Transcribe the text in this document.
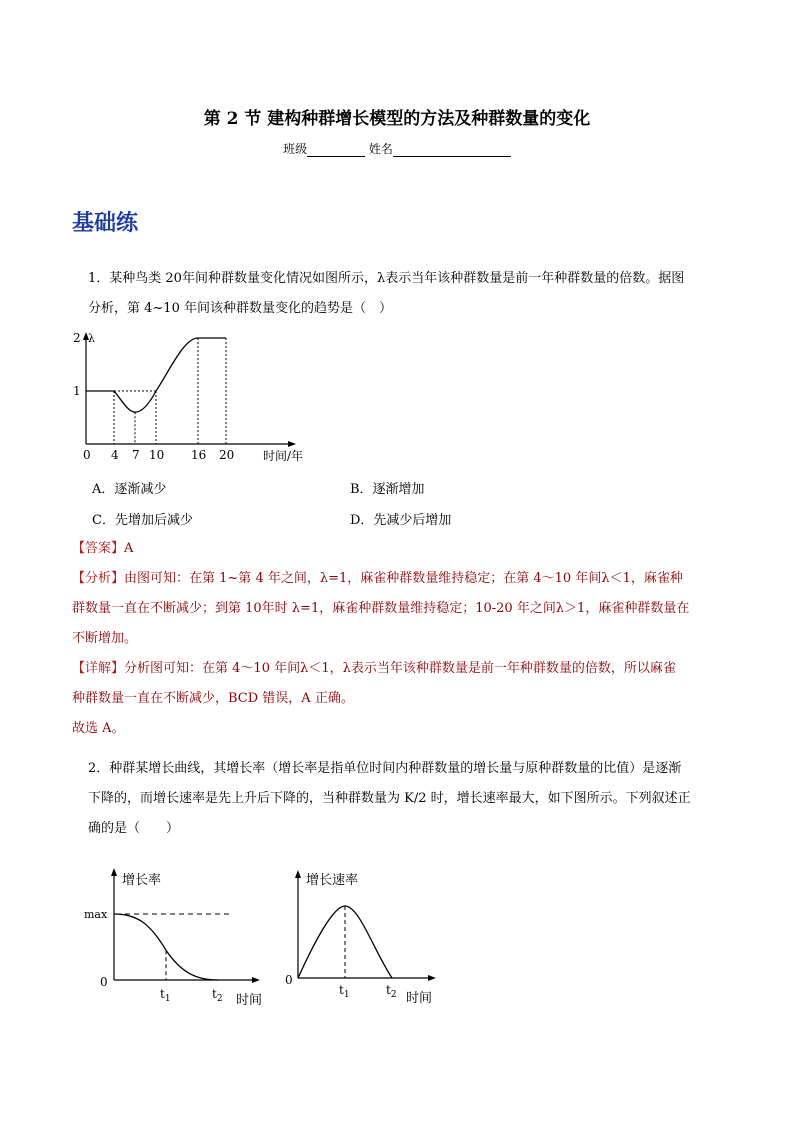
第 2 节 建构种群增长模型的方法及种群数量的变化
班级	姓名
基础练
1．某种鸟类 20年间种群数量变化情况如图所示，λ表示当年该种群数量是前一年种群数量的倍数。据图
分析，第 4~10 年间该种群数量变化的趋势是（　）
λ
0 4 7 10 16 20
1
2
时间/年
A．逐渐减少	B．逐渐增加
C．先增加后减少	D．先减少后增加
【答案】A
【分析】由图可知：在第 1~第 4 年之间，λ=1，麻雀种群数量维持稳定；在第 4～10 年间λ＜1，麻雀种
群数量一直在不断减少；到第 10年时 λ=1，麻雀种群数量维持稳定；10-20 年之间λ＞1，麻雀种群数量在
不断增加。
【详解】分析图可知：在第 4～10 年间λ＜1，λ表示当年该种群数量是前一年种群数量的倍数，所以麻雀
种群数量一直在不断减少，BCD 错误，A 正确。
故选 A。
2．种群某增长曲线，其增长率（增长率是指单位时间内种群数量的增长量与原种群数量的比值）是逐渐
下降的，而增长速率是先上升后下降的，当种群数量为 K/2 时，增长速率最大，如下图所示。下列叙述正
确的是（　　）
增长率
max
0
$t_1$	$t_2$ 时间
增长速率
0
$t_1$	$t_2$ 时间
